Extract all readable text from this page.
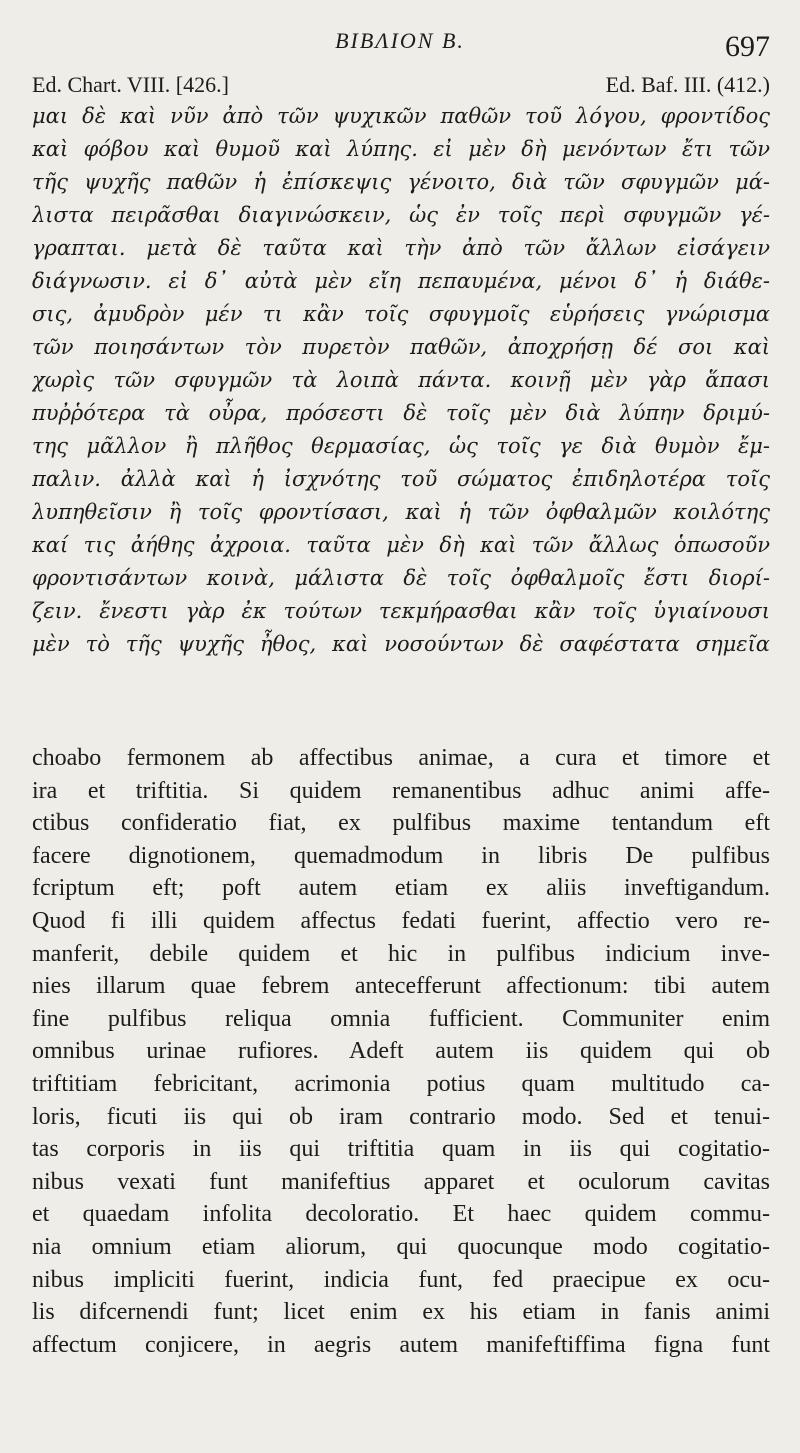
BIBΛΙΟΝ B.	697
Ed. Chart. VIII. [426.]	Ed. Baf. III. (412.)
μαι δὲ καὶ νῦν ἀπὸ τῶν ψυχικῶν παθῶν τοῦ λόγου, φροντίδος
καὶ φόβου καὶ θυμοῦ καὶ λύπης. εἰ μὲν δὴ μενόντων ἔτι τῶν
τῆς ψυχῆς παθῶν ἡ ἐπίσκεψις γένοιτο, διὰ τῶν σφυγμῶν μά-
λιστα πειρᾶσθαι διαγινώσκειν, ὡς ἐν τοῖς περὶ σφυγμῶν γέ-
γραπται. μετὰ δὲ ταῦτα καὶ τὴν ἀπὸ τῶν ἄλλων εἰσάγειν
διάγνωσιν. εἰ δ᾽ αὐτὰ μὲν εἴη πεπαυμένα, μένοι δ᾽ ἡ διάθε-
σις, ἀμυδρὸν μέν τι κἂν τοῖς σφυγμοῖς εὑρήσεις γνώρισμα
τῶν ποιησάντων τὸν πυρετὸν παθῶν, ἀποχρήσῃ δέ σοι καὶ
χωρὶς τῶν σφυγμῶν τὰ λοιπὰ πάντα. κοινῇ μὲν γὰρ ἅπασι
πυῤῥότερα τὰ οὖρα, πρόσεστι δὲ τοῖς μὲν διὰ λύπην δριμύ-
της μᾶλλον ἢ πλῆθος θερμασίας, ὡς τοῖς γε διὰ θυμὸν ἔμ-
παλιν. ἀλλὰ καὶ ἡ ἰσχνότης τοῦ σώματος ἐπιδηλοτέρα τοῖς
λυπηθεῖσιν ἢ τοῖς φροντίσασι, καὶ ἡ τῶν ὀφθαλμῶν κοιλότης
καί τις ἀήθης ἀχροια. ταῦτα μὲν δὴ καὶ τῶν ἄλλως ὁπωσοῦν
φροντισάντων κοινὰ, μάλιστα δὲ τοῖς ὀφθαλμοῖς ἔστι διορί-
ζειν. ἔνεστι γὰρ ἐκ τούτων τεκμήρασθαι κἂν τοῖς ὑγιαίνουσι
μὲν τὸ τῆς ψυχῆς ἦθος, καὶ νοσούντων δὲ σαφέστατα σημεῖα
choabo fermonem ab affectibus animae, a cura et timore et
ira et triftitia. Si quidem remanentibus adhuc animi affe-
ctibus confideratio fiat, ex pulfibus maxime tentandum eft
facere dignotionem, quemadmodum in libris De pulfibus
fcriptum eft; poft autem etiam ex aliis inveftigandum.
Quod fi illi quidem affectus fedati fuerint, affectio vero re-
manferit, debile quidem et hic in pulfibus indicium inve-
nies illarum quae febrem antecefferunt affectionum: tibi autem
fine pulfibus reliqua omnia fufficient. Communiter enim
omnibus urinae rufiores. Adeft autem iis quidem qui ob
triftitiam febricitant, acrimonia potius quam multitudo ca-
loris, ficuti iis qui ob iram contrario modo. Sed et tenui-
tas corporis in iis qui triftitia quam in iis qui cogitatio-
nibus vexati funt manifeftius apparet et oculorum cavitas
et quaedam infolita decoloratio. Et haec quidem commu-
nia omnium etiam aliorum, qui quocunque modo cogitatio-
nibus impliciti fuerint, indicia funt, fed praecipue ex ocu-
lis difcernendi funt; licet enim ex his etiam in fanis animi
affectum conjicere, in aegris autem manifeftiffima figna funt
